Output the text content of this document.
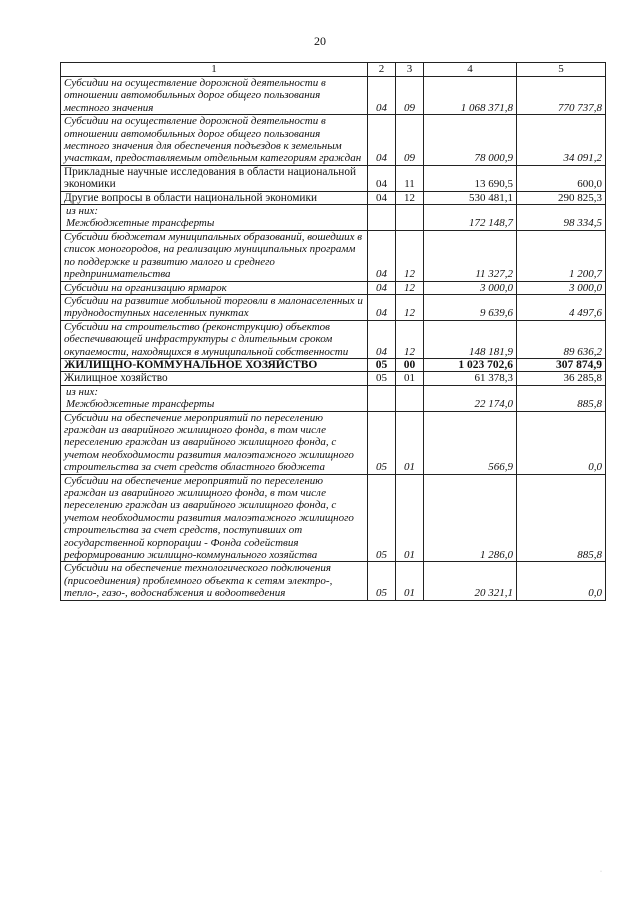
20
1	2	3	4	5
Субсидии на осуществление дорожной деятельности в отношении автомобильных дорог общего пользования местного значения	04	09	1 068 371,8	770 737,8
Субсидии на осуществление дорожной деятельности в отношении автомобильных дорог общего пользования местного значения для обеспечения подъездов к земельным участкам, предоставляемым отдельным категориям граждан	04	09	78 000,9	34 091,2
Прикладные научные исследования в области национальной экономики	04	11	13 690,5	600,0
Другие вопросы в области национальной экономики	04	12	530 481,1	290 825,3
из них:
Межбюджетные трансферты			172 148,7	98 334,5
Субсидии бюджетам муниципальных образований, вошедших в список моногородов, на реализацию муниципальных программ по поддержке и развитию малого и среднего предпринимательства	04	12	11 327,2	1 200,7
Субсидии на организацию ярмарок	04	12	3 000,0	3 000,0
Субсидии на развитие мобильной торговли в малонаселенных и труднодоступных населенных пунктах	04	12	9 639,6	4 497,6
Субсидии на строительство (реконструкцию) объектов обеспечивающей инфраструктуры с длительным сроком окупаемости, находящихся в муниципальной собственности	04	12	148 181,9	89 636,2
ЖИЛИЩНО-КОММУНАЛЬНОЕ ХОЗЯЙСТВО	05	00	1 023 702,6	307 874,9
Жилищное хозяйство	05	01	61 378,3	36 285,8
из них:
Межбюджетные трансферты			22 174,0	885,8
Субсидии на обеспечение мероприятий по переселению граждан из аварийного жилищного фонда, в том числе переселению граждан из аварийного жилищного фонда, с учетом необходимости развития малоэтажного жилищного строительства за счет средств областного бюджета	05	01	566,9	0,0
Субсидии на обеспечение мероприятий по переселению граждан из аварийного жилищного фонда, в том числе переселению граждан из аварийного жилищного фонда, с учетом необходимости развития малоэтажного жилищного строительства за счет средств, поступивших от государственной корпорации - Фонда содействия реформированию жилищно-коммунального хозяйства	05	01	1 286,0	885,8
Субсидии на обеспечение технологического подключения (присоединения) проблемного объекта к сетям электро-, тепло-, газо-, водоснабжения и водоотведения	05	01	20 321,1	0,0
·
